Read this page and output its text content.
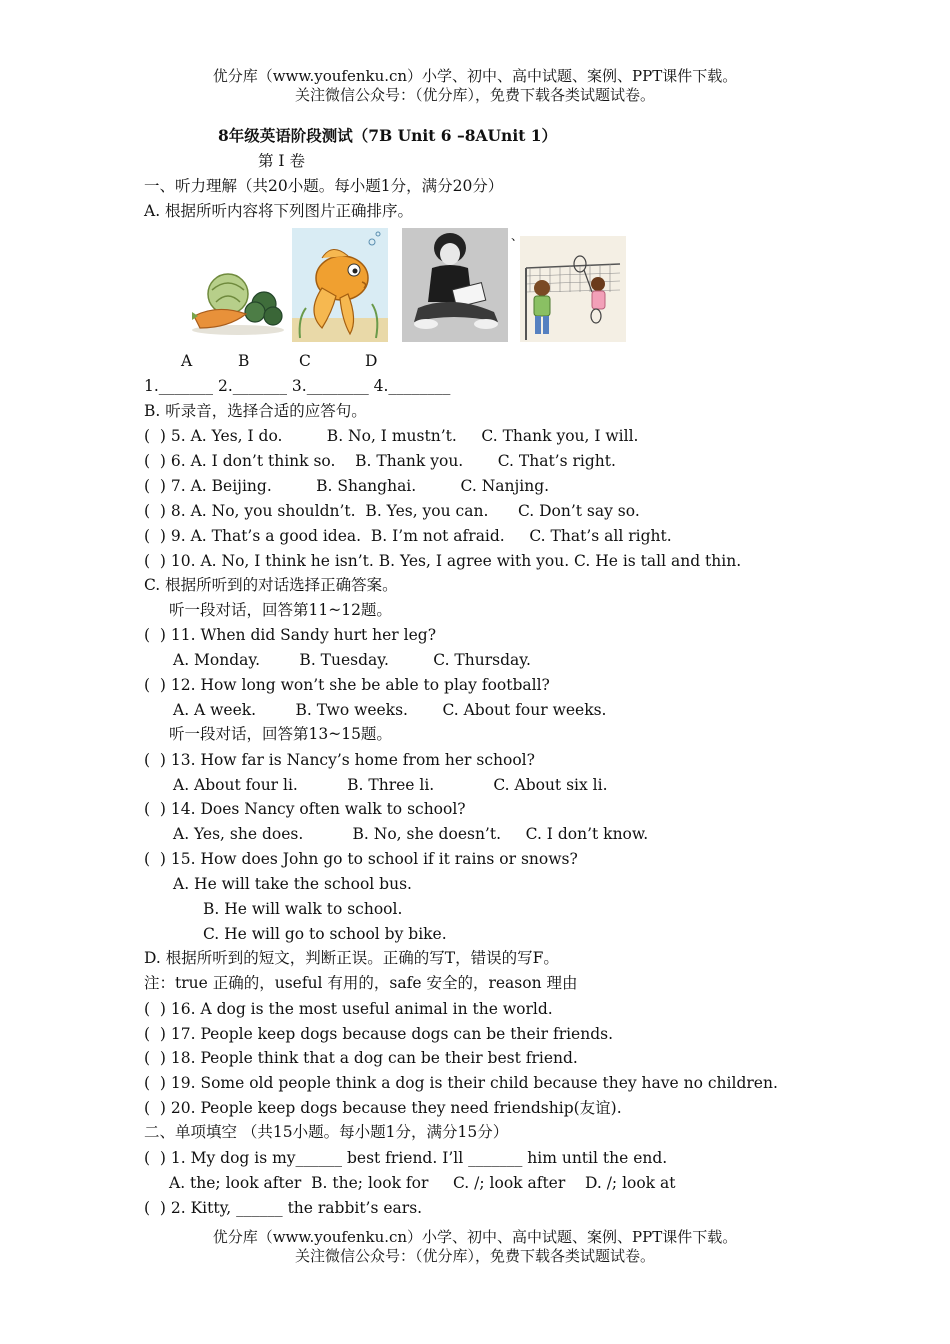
优分库（www.youfenku.cn）小学、初中、高中试题、案例、PPT课件下载。
关注微信公众号：（优分库），免费下载各类试题试卷。
8年级英语阶段测试（7B Unit 6 –8AUnit 1）
第 I 卷
一、听力理解（共20小题。每小题1分，满分20分）
A. 根据所听内容将下列图片正确排序。
、
A	B	C	D
1._______ 2._______ 3.________ 4.________
B. 听录音，选择合适的应答句。
(  ) 5. A. Yes, I do.         B. No, I mustn’t.     C. Thank you, I will.
(  ) 6. A. I don’t think so.    B. Thank you.       C. That’s right.
(  ) 7. A. Beijing.         B. Shanghai.         C. Nanjing.
(  ) 8. A. No, you shouldn’t.  B. Yes, you can.      C. Don’t say so.
(  ) 9. A. That’s a good idea.  B. I’m not afraid.     C. That’s all right.
(  ) 10. A. No, I think he isn’t. B. Yes, I agree with you. C. He is tall and thin.
C. 根据所听到的对话选择正确答案。
听一段对话，回答第11~12题。
(  ) 11. When did Sandy hurt her leg?
A. Monday.        B. Tuesday.         C. Thursday.
(  ) 12. How long won’t she be able to play football?
A. A week.        B. Two weeks.       C. About four weeks.
听一段对话，回答第13~15题。
(  ) 13. How far is Nancy’s home from her school?
A. About four li.          B. Three li.            C. About six li.
(  ) 14. Does Nancy often walk to school?
A. Yes, she does.          B. No, she doesn’t.     C. I don’t know.
(  ) 15. How does John go to school if it rains or snows?
A. He will take the school bus.
B. He will walk to school.
C. He will go to school by bike.
D. 根据所听到的短文，判断正误。正确的写T，错误的写F。
注：true 正确的，useful 有用的，safe 安全的，reason 理由
(  ) 16. A dog is the most useful animal in the world.
(  ) 17. People keep dogs because dogs can be their friends.
(  ) 18. People think that a dog can be their best friend.
(  ) 19. Some old people think a dog is their child because they have no children.
(  ) 20. People keep dogs because they need friendship(友谊).
二、单项填空 （共15小题。每小题1分，满分15分）
(  ) 1. My dog is my______ best friend. I’ll _______ him until the end.
A. the; look after  B. the; look for     C. /; look after    D. /; look at
(  ) 2. Kitty, ______ the rabbit’s ears.
优分库（www.youfenku.cn）小学、初中、高中试题、案例、PPT课件下载。
关注微信公众号：（优分库），免费下载各类试题试卷。
